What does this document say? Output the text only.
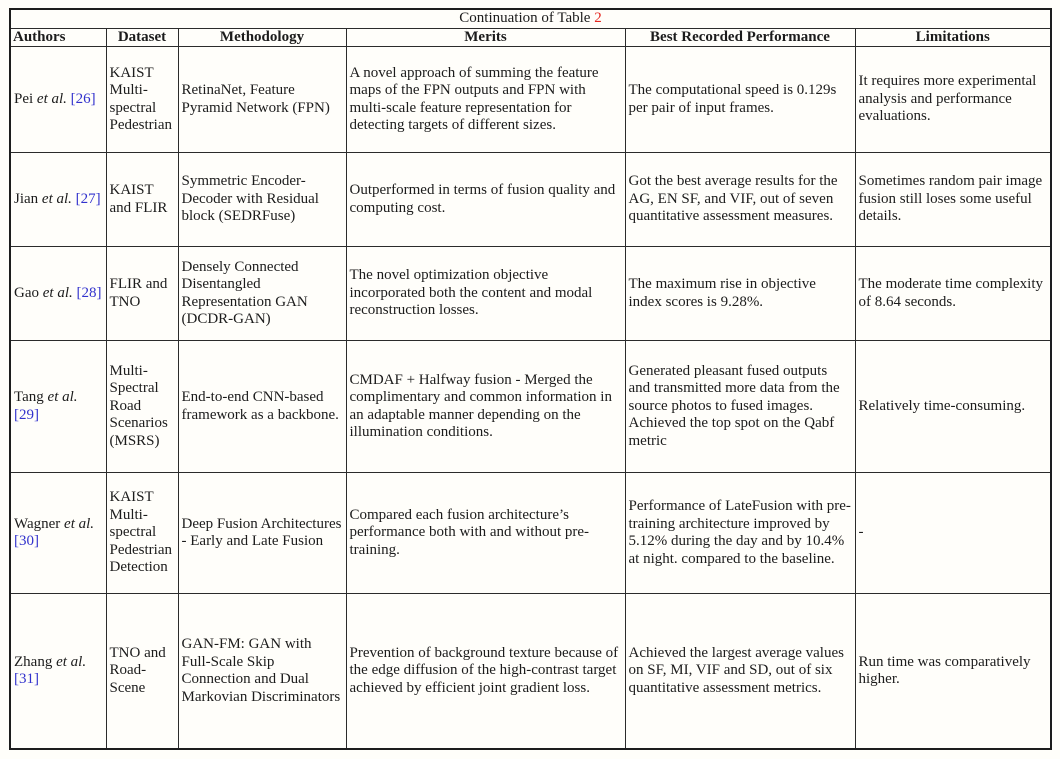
Continuation of Table 2					
Authors	Dataset	Methodology	Merits	Best Recorded Performance	Limitations
Pei et al. [26]	KAIST Multi-spectral Pedestrian	RetinaNet, Feature Pyramid Network (FPN)	A novel approach of summing the feature maps of the FPN outputs and FPN with multi-scale feature representation for detecting targets of different sizes.	The computational speed is 0.129s per pair of input frames.	It requires more experimental analysis and performance evaluations.
Jian et al. [27]	KAIST and FLIR	Symmetric Encoder-Decoder with Residual block (SEDRFuse)	Outperformed in terms of fusion quality and computing cost.	Got the best average results for the AG, EN SF, and VIF, out of seven quantitative assessment measures.	Sometimes random pair image fusion still loses some useful details.
Gao et al. [28]	FLIR and TNO	Densely Connected Disentangled Representation GAN (DCDR-GAN)	The novel optimization objective incorporated both the content and modal reconstruction losses.	The maximum rise in objective index scores is 9.28%.	The moderate time complexity of 8.64 seconds.
Tang et al. [29]	Multi-Spectral Road Scenarios (MSRS)	End-to-end CNN-based framework as a backbone.	CMDAF + Halfway fusion - Merged the complimentary and common information in an adaptable manner depending on the illumination conditions.	Generated pleasant fused outputs and transmitted more data from the source photos to fused images. Achieved the top spot on the Qabf metric	Relatively time-consuming.
Wagner et al. [30]	KAIST Multi-spectral Pedestrian Detection	Deep Fusion Architectures - Early and Late Fusion	Compared each fusion architecture’s performance both with and without pre-training.	Performance of LateFusion with pre-training architecture improved by 5.12% during the day and by 10.4% at night. compared to the baseline.	-
Zhang et al. [31]	TNO and Road-Scene	GAN-FM: GAN with Full-Scale Skip Connection and Dual Markovian Discriminators	Prevention of background texture because of the edge diffusion of the high-contrast target achieved by efficient joint gradient loss.	Achieved the largest average values on SF, MI, VIF and SD, out of six quantitative assessment metrics.	Run time was comparatively higher.
